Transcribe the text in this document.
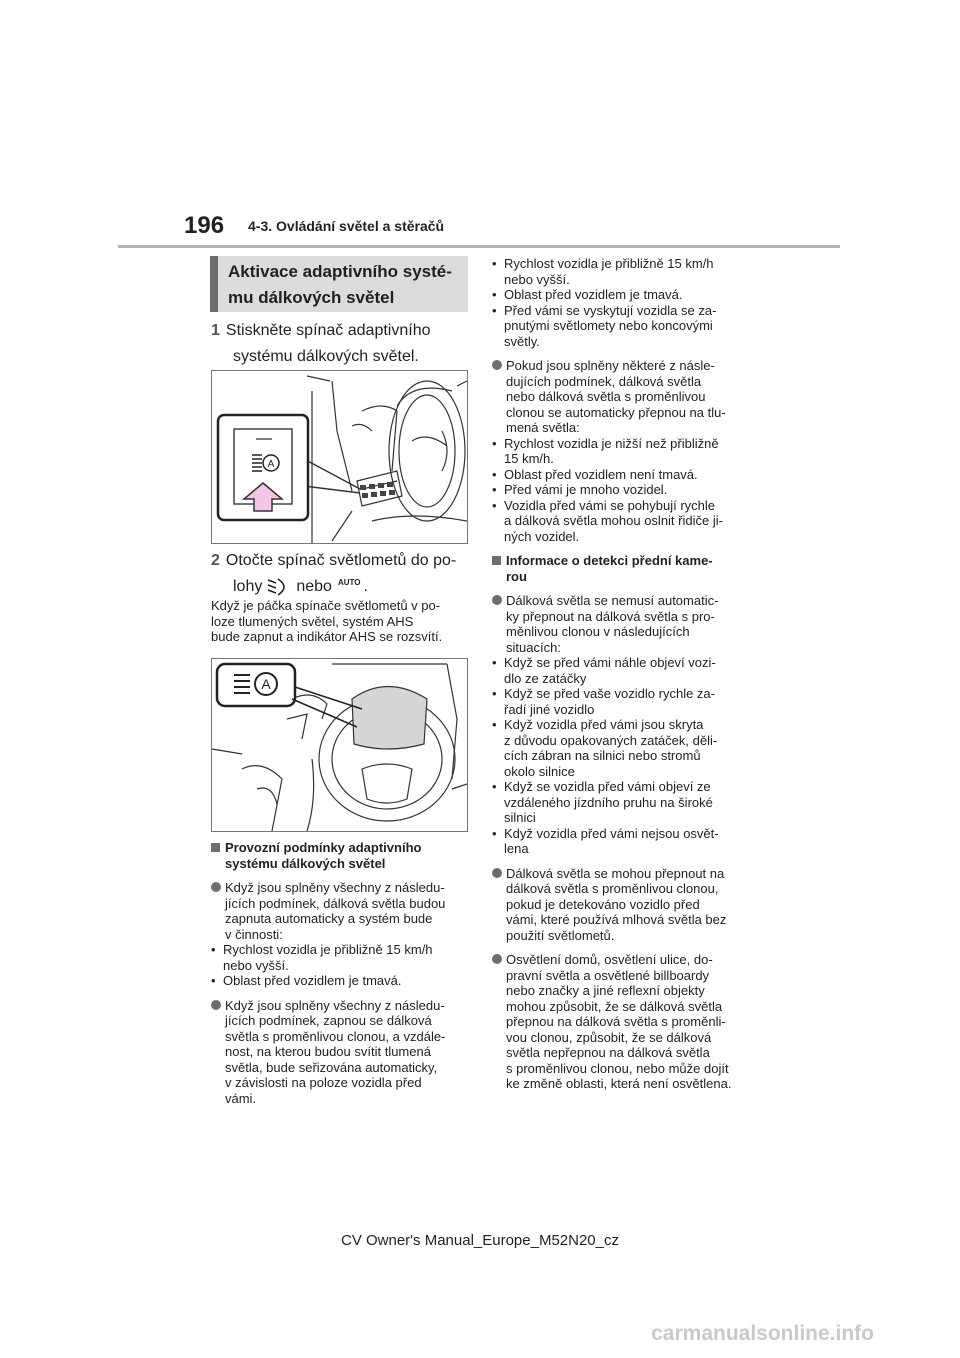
196 4-3. Ovládání světel a stěračů
Aktivace adaptivního systé-
mu dálkových světel
1 Stiskněte spínač adaptivního
systému dálkových světel.
A
2 Otočte spínač světlometů do po-
lohy nebo AUTO .
Když je páčka spínače světlometů v po-
loze tlumených světel, systém AHS
bude zapnut a indikátor AHS se rozsvítí.
A
Provozní podmínky adaptivního
systému dálkových světel
Když jsou splněny všechny z následu-
jících podmínek, dálková světla budou
zapnuta automaticky a systém bude
v činnosti:
• Rychlost vozidla je přibližně 15 km/h
nebo vyšší.
• Oblast před vozidlem je tmavá.
Když jsou splněny všechny z následu-
jících podmínek, zapnou se dálková
světla s proměnlivou clonou, a vzdále-
nost, na kterou budou svítit tlumená
světla, bude seřizována automaticky,
v závislosti na poloze vozidla před
vámi.
• Rychlost vozidla je přibližně 15 km/h
nebo vyšší.
• Oblast před vozidlem je tmavá.
• Před vámi se vyskytují vozidla se za-
pnutými světlomety nebo koncovými
světly.
Pokud jsou splněny některé z násle-
dujících podmínek, dálková světla
nebo dálková světla s proměnlivou
clonou se automaticky přepnou na tlu-
mená světla:
• Rychlost vozidla je nižší než přibližně
15 km/h.
• Oblast před vozidlem není tmavá.
• Před vámi je mnoho vozidel.
• Vozidla před vámi se pohybují rychle
a dálková světla mohou oslnit řidiče ji-
ných vozidel.
Informace o detekci přední kame-
rou
Dálková světla se nemusí automatic-
ky přepnout na dálková světla s pro-
měnlivou clonou v následujících
situacích:
• Když se před vámi náhle objeví vozi-
dlo ze zatáčky
• Když se před vaše vozidlo rychle za-
řadí jiné vozidlo
• Když vozidla před vámi jsou skryta
z důvodu opakovaných zatáček, děli-
cích zábran na silnici nebo stromů
okolo silnice
• Když se vozidla před vámi objeví ze
vzdáleného jízdního pruhu na široké
silnici
• Když vozidla před vámi nejsou osvět-
lena
Dálková světla se mohou přepnout na
dálková světla s proměnlivou clonou,
pokud je detekováno vozidlo před
vámi, které používá mlhová světla bez
použití světlometů.
Osvětlení domů, osvětlení ulice, do-
pravní světla a osvětlené billboardy
nebo značky a jiné reflexní objekty
mohou způsobit, že se dálková světla
přepnou na dálková světla s proměnli-
vou clonou, způsobit, že se dálková
světla nepřepnou na dálková světla
s proměnlivou clonou, nebo může dojít
ke změně oblasti, která není osvětlena.
CV Owner's Manual_Europe_M52N20_cz
carmanualsonline.info
